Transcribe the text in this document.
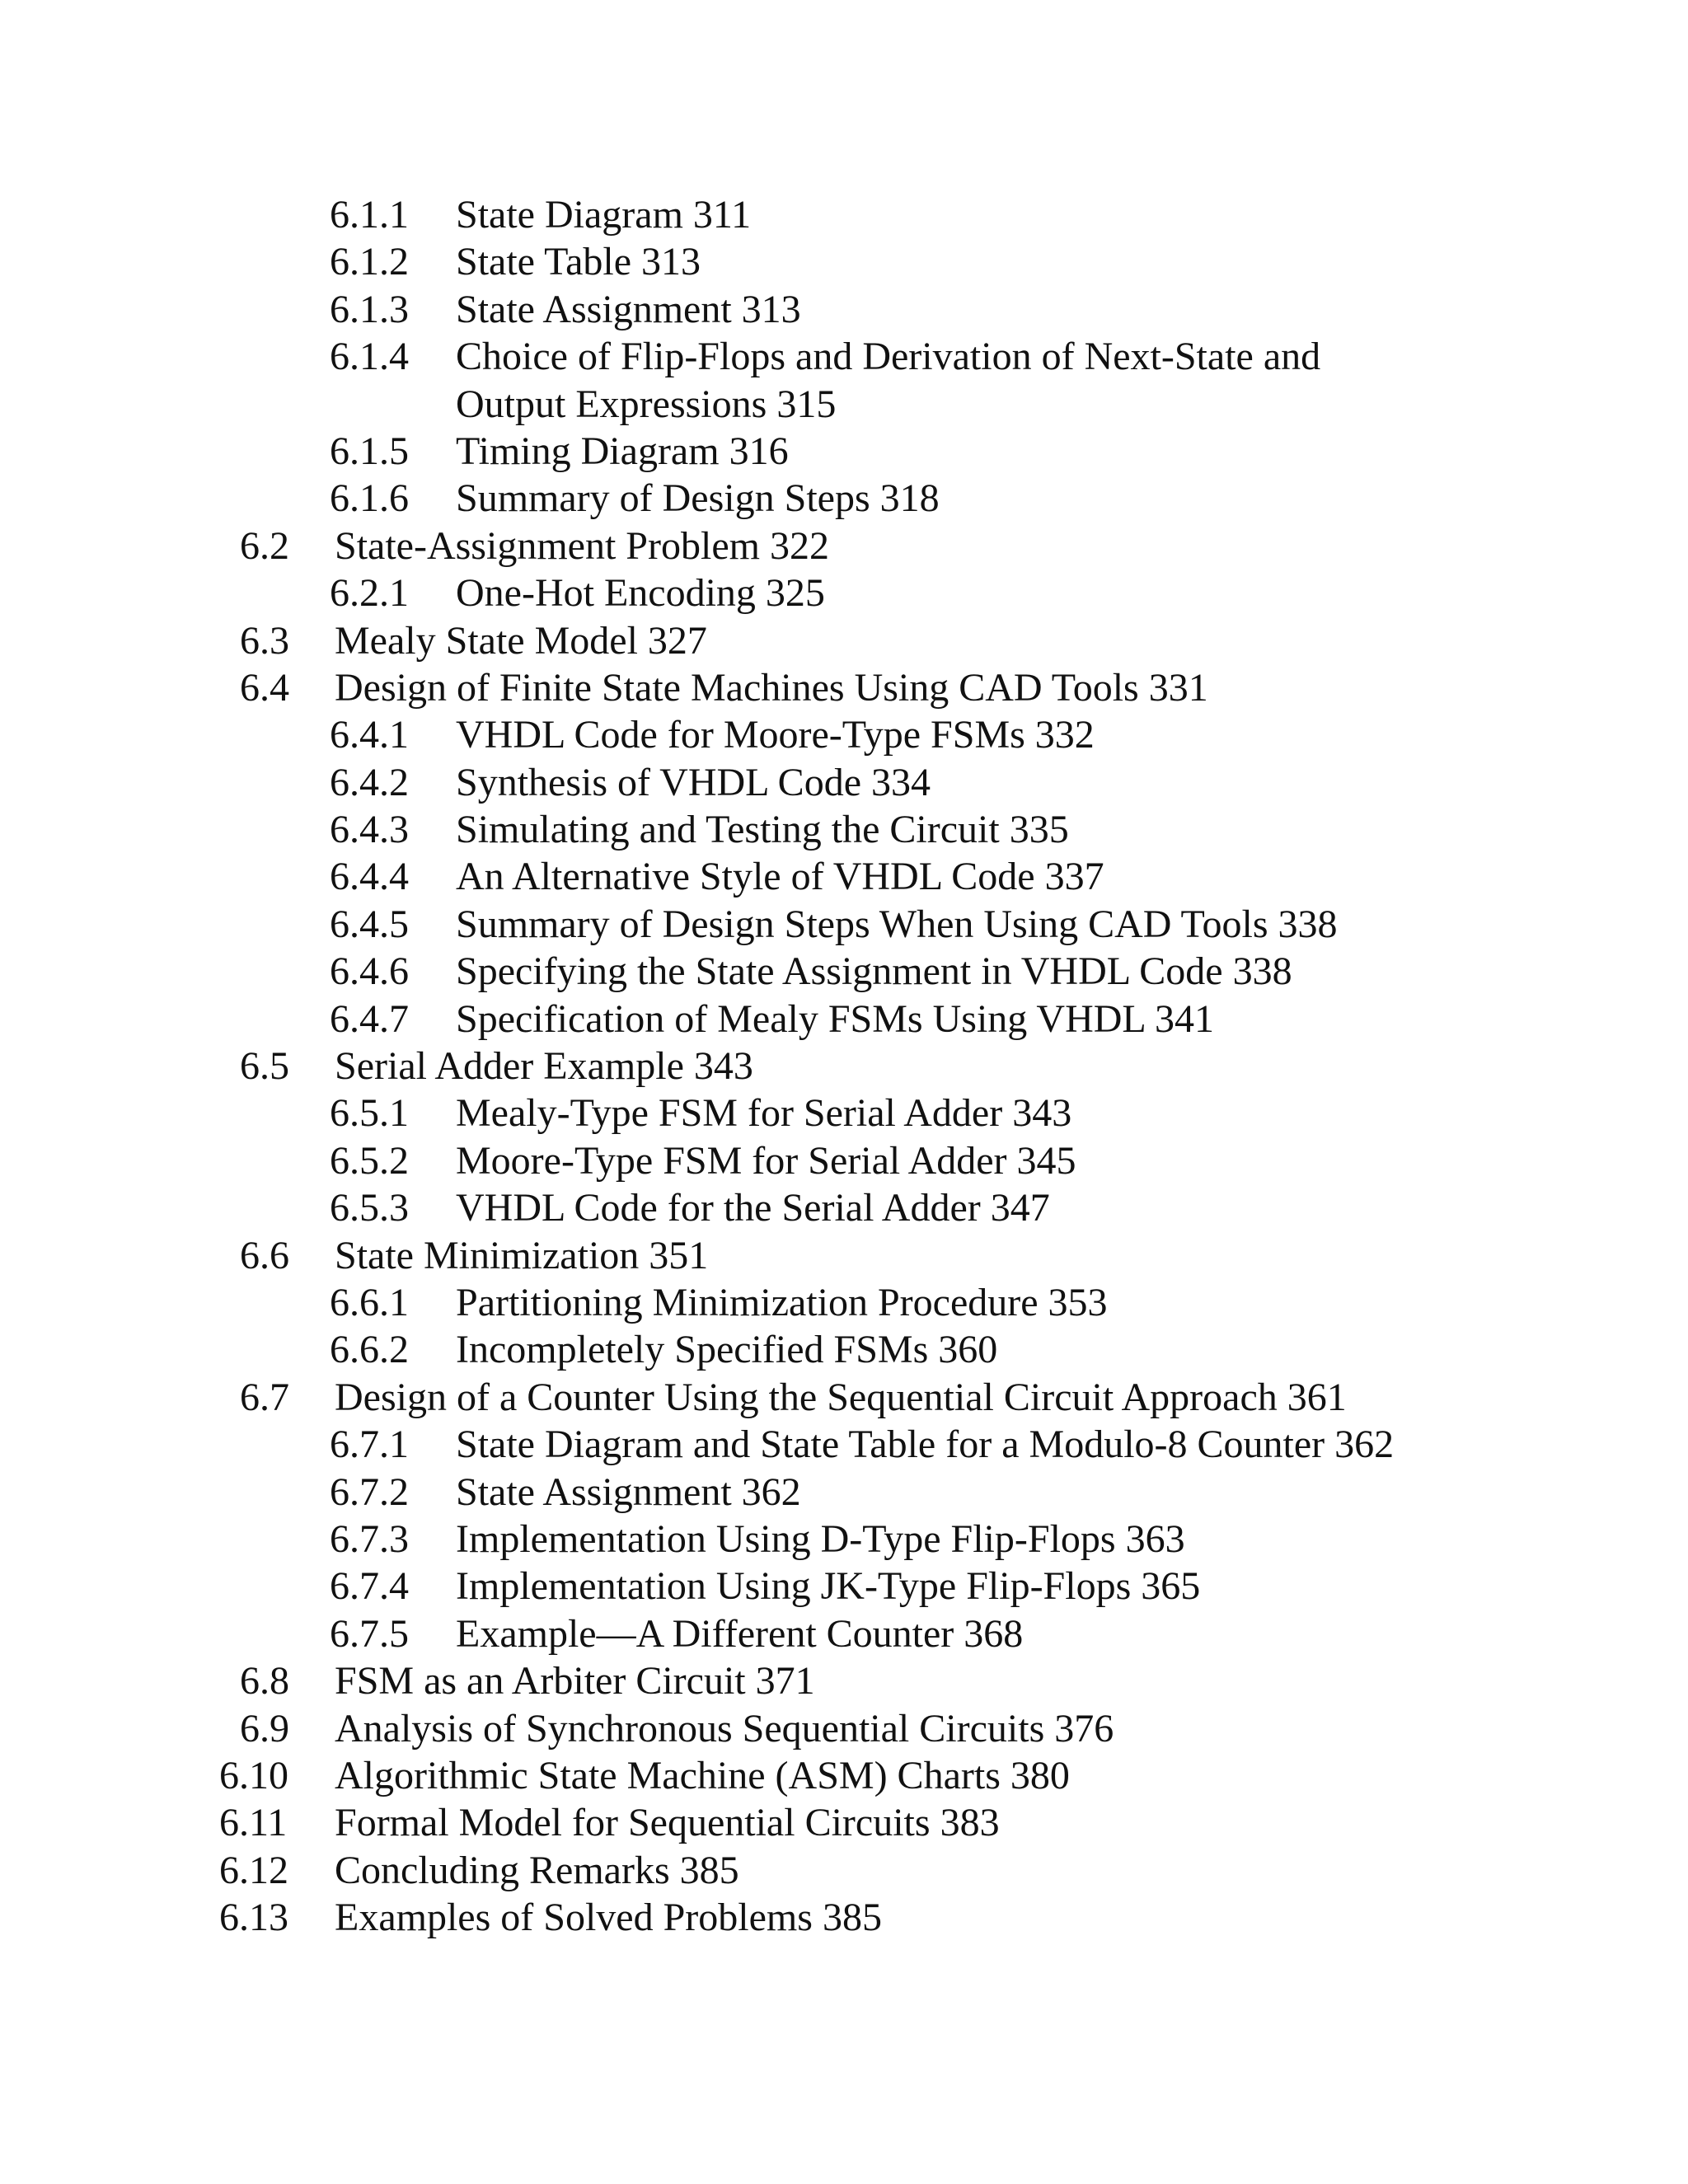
6.1.1 State Diagram 311
6.1.2 State Table 313
6.1.3 State Assignment 313
6.1.4 Choice of Flip-Flops and Derivation of Next-State and
Output Expressions 315
6.1.5 Timing Diagram 316
6.1.6 Summary of Design Steps 318
6.2 State-Assignment Problem 322
6.2.1 One-Hot Encoding 325
6.3 Mealy State Model 327
6.4 Design of Finite State Machines Using CAD Tools 331
6.4.1 VHDL Code for Moore-Type FSMs 332
6.4.2 Synthesis of VHDL Code 334
6.4.3 Simulating and Testing the Circuit 335
6.4.4 An Alternative Style of VHDL Code 337
6.4.5 Summary of Design Steps When Using CAD Tools 338
6.4.6 Specifying the State Assignment in VHDL Code 338
6.4.7 Specification of Mealy FSMs Using VHDL 341
6.5 Serial Adder Example 343
6.5.1 Mealy-Type FSM for Serial Adder 343
6.5.2 Moore-Type FSM for Serial Adder 345
6.5.3 VHDL Code for the Serial Adder 347
6.6 State Minimization 351
6.6.1 Partitioning Minimization Procedure 353
6.6.2 Incompletely Specified FSMs 360
6.7 Design of a Counter Using the Sequential Circuit Approach 361
6.7.1 State Diagram and State Table for a Modulo-8 Counter 362
6.7.2 State Assignment 362
6.7.3 Implementation Using D-Type Flip-Flops 363
6.7.4 Implementation Using JK-Type Flip-Flops 365
6.7.5 Example—A Different Counter 368
6.8 FSM as an Arbiter Circuit 371
6.9 Analysis of Synchronous Sequential Circuits 376
6.10 Algorithmic State Machine (ASM) Charts 380
6.11 Formal Model for Sequential Circuits 383
6.12 Concluding Remarks 385
6.13 Examples of Solved Problems 385
